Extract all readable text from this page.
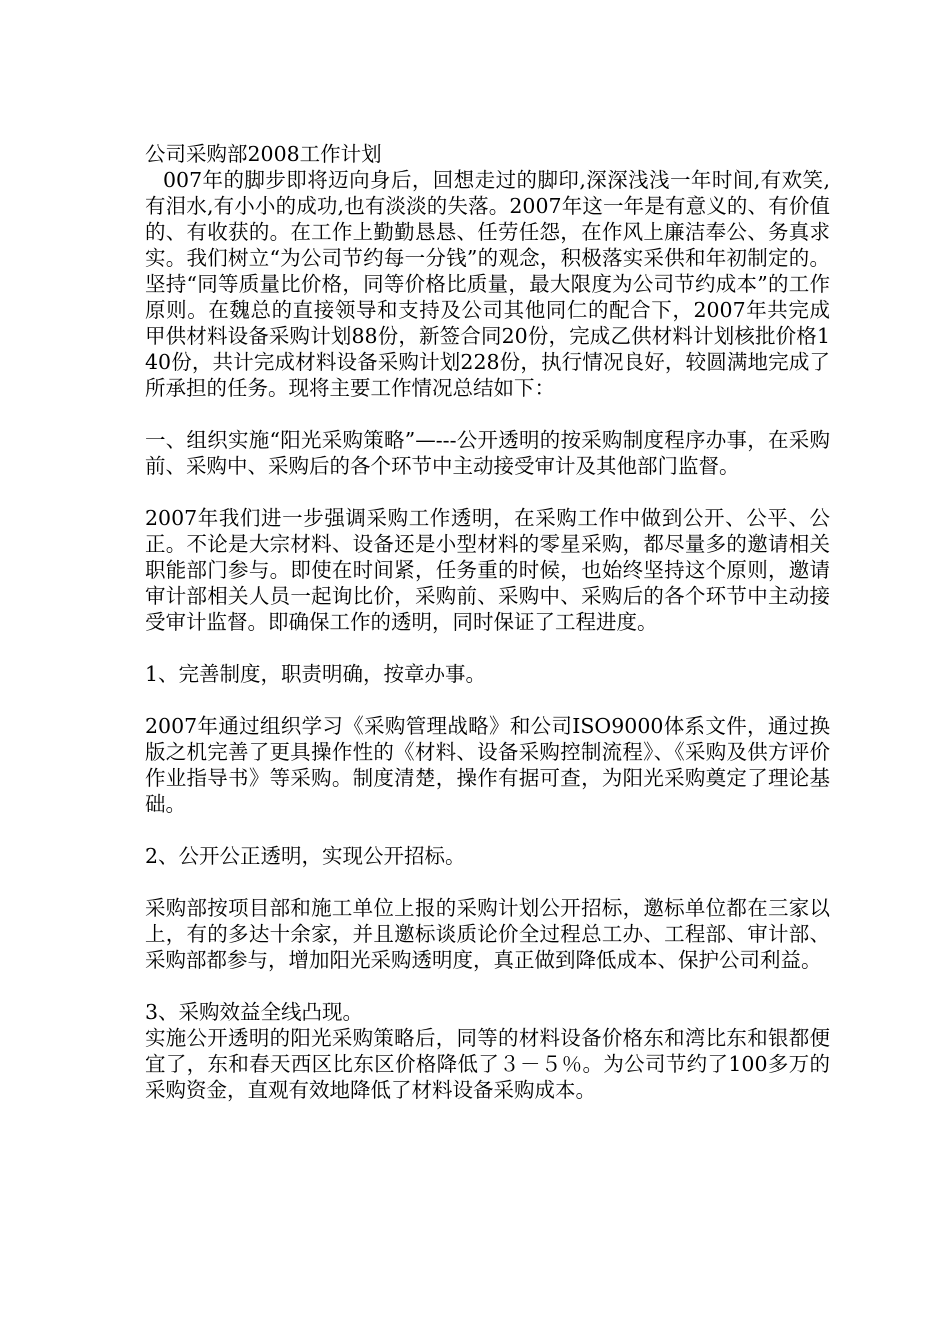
公司采购部2008工作计划

007年的脚步即将迈向身后，回想走过的脚印,深深浅浅一年时间,有欢笑,有泪水,有小小的成功,也有淡淡的失落。2007年这一年是有意义的、有价值的、有收获的。在工作上勤勤恳恳、任劳任怨，在作风上廉洁奉公、务真求实。我们树立“为公司节约每一分钱”的观念，积极落实采供和年初制定的。坚持“同等质量比价格，同等价格比质量，最大限度为公司节约成本”的工作原则。在魏总的直接领导和支持及公司其他同仁的配合下，2007年共完成甲供材料设备采购计划88份，新签合同20份，完成乙供材料计划核批价格140份，共计完成材料设备采购计划228份，执行情况良好，较圆满地完成了所承担的任务。现将主要工作情况总结如下：

一、组织实施“阳光采购策略”—---公开透明的按采购制度程序办事，在采购前、采购中、采购后的各个环节中主动接受审计及其他部门监督。

2007年我们进一步强调采购工作透明，在采购工作中做到公开、公平、公正。不论是大宗材料、设备还是小型材料的零星采购，都尽量多的邀请相关职能部门参与。即使在时间紧，任务重的时候，也始终坚持这个原则，邀请审计部相关人员一起询比价，采购前、采购中、采购后的各个环节中主动接受审计监督。即确保工作的透明，同时保证了工程进度。

1、完善制度，职责明确，按章办事。

2007年通过组织学习《采购管理战略》和公司ISO9000体系文件，通过换版之机完善了更具操作性的《材料、设备采购控制流程》、《采购及供方评价作业指导书》等采购。制度清楚，操作有据可查，为阳光采购奠定了理论基础。

2、公开公正透明，实现公开招标。

采购部按项目部和施工单位上报的采购计划公开招标，邀标单位都在三家以上，有的多达十余家，并且邀标谈质论价全过程总工办、工程部、审计部、采购部都参与，增加阳光采购透明度，真正做到降低成本、保护公司利益。

3、采购效益全线凸现。

实施公开透明的阳光采购策略后，同等的材料设备价格东和湾比东和银都便宜了，东和春天西区比东区价格降低了３－５％。为公司节约了100多万的采购资金，直观有效地降低了材料设备采购成本。
